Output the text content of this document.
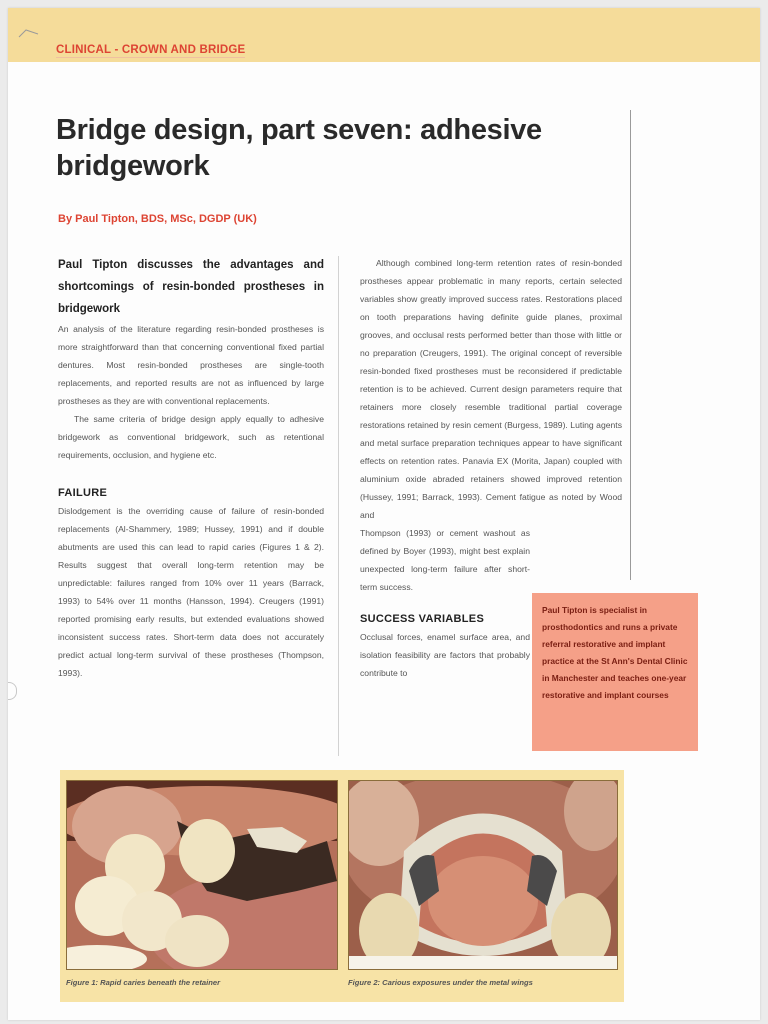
CLINICAL - CROWN AND BRIDGE
Bridge design, part seven: adhesive bridgework
By Paul Tipton, BDS, MSc, DGDP (UK)

Paul Tipton discusses the advantages and shortcomings of resin-bonded prostheses in bridgework

An analysis of the literature regarding resin-bonded prostheses is more straightforward than that concerning conventional fixed partial dentures. Most resin-bonded prostheses are single-tooth replacements, and reported results are not as influenced by large prostheses as they are with conventional replacements.

The same criteria of bridge design apply equally to adhesive bridgework as conventional bridgework, such as retentional requirements, occlusion, and hygiene etc.

FAILURE

Dislodgement is the overriding cause of failure of resin-bonded replacements (Al-Shammery, 1989; Hussey, 1991) and if double abutments are used this can lead to rapid caries (Figures 1 & 2). Results suggest that overall long-term retention may be unpredictable: failures ranged from 10% over 11 years (Barrack, 1993) to 54% over 11 months (Hansson, 1994). Creugers (1991) reported promising early results, but extended evaluations showed inconsistent success rates. Short-term data does not accurately predict actual long-term survival of these prostheses (Thompson, 1993).

Although combined long-term retention rates of resin-bonded prostheses appear problematic in many reports, certain selected variables show greatly improved success rates. Restorations placed on tooth preparations having definite guide planes, proximal grooves, and occlusal rests performed better than those with little or no preparation (Creugers, 1991). The original concept of reversible resin-bonded fixed prostheses must be reconsidered if predictable retention is to be achieved. Current design parameters require that retainers more closely resemble traditional partial coverage restorations retained by resin cement (Burgess, 1989). Luting agents and metal surface preparation techniques appear to have significant effects on retention rates. Panavia EX (Morita, Japan) coupled with aluminium oxide abraded retainers showed improved retention (Hussey, 1991; Barrack, 1993). Cement fatigue as noted by Wood and

Thompson (1993) or cement washout as defined by Boyer (1993), might best explain unexpected long-term failure after short-term success.

SUCCESS VARIABLES

Occlusal forces, enamel surface area, and isolation feasibility are factors that probably contribute to

Paul Tipton is specialist in prosthodontics and runs a private referral restorative and implant practice at the St Ann's Dental Clinic in Manchester and teaches one-year restorative and implant courses
Figure 1: Rapid caries beneath the retainer	Figure 2: Carious exposures under the metal wings
